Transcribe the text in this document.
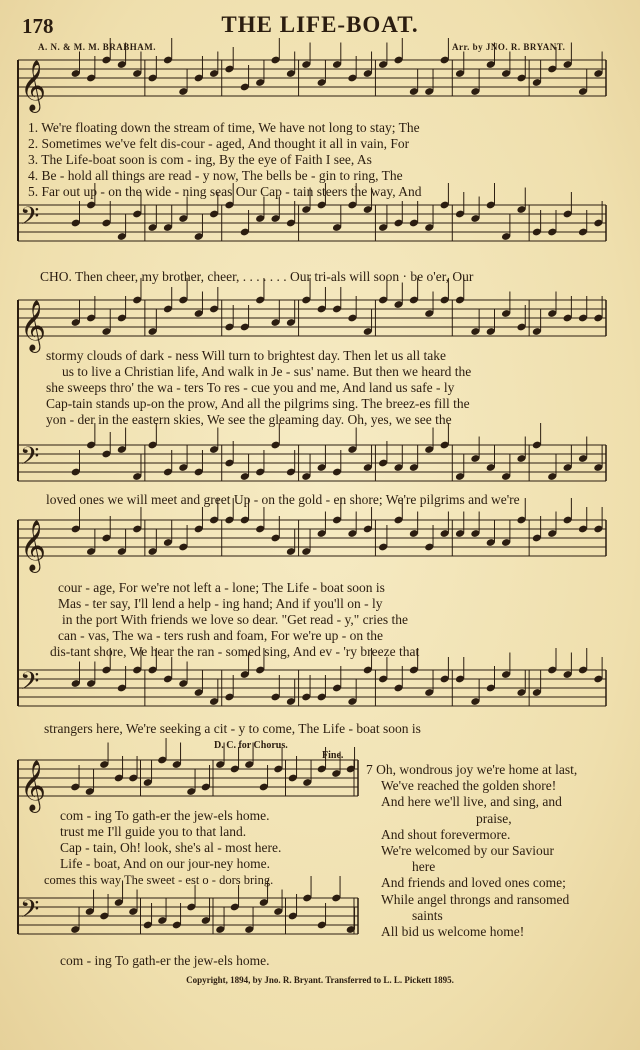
178	THE LIFE-BOAT.
A. N. & M. M. BRABHAM.	Arr. by JNO. R. BRYANT.
𝄞
𝄢
𝄞
𝄢
𝄞
𝄢
𝄞
𝄢
1. We're floating down the stream of time, We have not long to stay; The
2. Sometimes we've felt dis-cour - aged, And thought it all in vain, For
3. The Life-boat soon is com - ing, By the eye of Faith I see, As
4. Be - hold all things are read - y now, The bells be - gin to ring, The
5. Far out up - on the wide - ning seas Our Cap - tain steers the way, And
CHO. Then cheer, my brother, cheer, . . . . . . . Our tri-als will soon · be o'er, Our
stormy clouds of dark - ness Will turn to brightest day. Then let us all take
us to live a Christian life, And walk in Je - sus' name. But then we heard the
she sweeps thro' the wa - ters To res - cue you and me, And land us safe - ly
Cap-tain stands up-on the prow, And all the pilgrims sing. The breez-es fill the
yon - der in the eastern skies, We see the gleaming day. Oh, yes, we see the
loved ones we will meet and greet Up - on the gold - en shore; We're pilgrims and we're
cour - age, For we're not left a - lone; The Life - boat soon is
Mas - ter say, I'll lend a help - ing hand; And if you'll on - ly
in the port With friends we love so dear. "Get read - y," cries the
can - vas, The wa - ters rush and foam, For we're up - on the
dis-tant shore, We hear the ran - somed sing, And ev - 'ry breeze that
strangers here, We're seeking a cit - y to come, The Life - boat soon is
D. C. for Chorus.
Fine.
com - ing To gath-er the jew-els home.
trust me I'll guide you to that land.
Cap - tain, Oh! look, she's al - most here.
Life - boat, And on our jour-ney home.
comes this way The sweet - est o - dors bring.
com - ing To gath-er the jew-els home.
7 Oh, wondrous joy we're home at last,
We've reached the golden shore!
And here we'll live, and sing, and
praise,
And shout forevermore.
We're welcomed by our Saviour
here
And friends and loved ones come;
While angel throngs and ransomed
saints
All bid us welcome home!
Copyright, 1894, by Jno. R. Bryant. Transferred to L. L. Pickett 1895.
